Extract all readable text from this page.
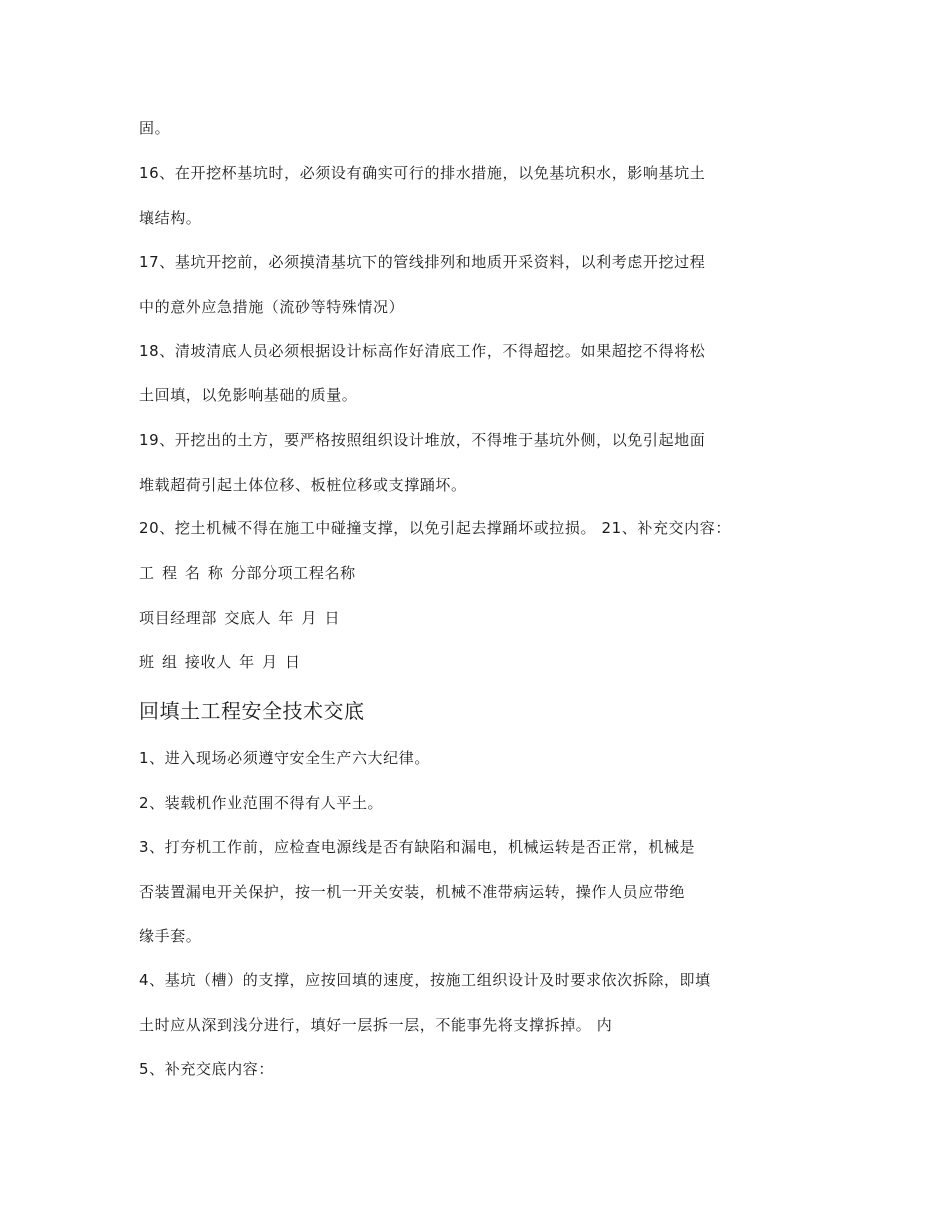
固。
16、在开挖杯基坑时，必须设有确实可行的排水措施，以免基坑积水，影响基坑土
壤结构。
17、基坑开挖前，必须摸清基坑下的管线排列和地质开采资料，以利考虑开挖过程
中的意外应急措施（流砂等特殊情况）
18、清坡清底人员必须根据设计标高作好清底工作，不得超挖。如果超挖不得将松
土回填，以免影响基础的质量。
19、开挖出的土方，要严格按照组织设计堆放，不得堆于基坑外侧，以免引起地面
堆载超荷引起土体位移、板桩位移或支撑踊坏。
20、挖土机械不得在施工中碰撞支撑，以免引起去撑踊坏或拉损。 21、补充交内容：
工 程 名 称 分部分项工程名称
项目经理部 交底人 年 月 日
班 组 接收人 年 月 日
回填土工程安全技术交底
1、进入现场必须遵守安全生产六大纪律。
2、装载机作业范围不得有人平土。
3、打夯机工作前，应检查电源线是否有缺陷和漏电，机械运转是否正常，机械是
否装置漏电开关保护，按一机一开关安装，机械不准带病运转，操作人员应带绝
缘手套。
4、基坑（槽）的支撑，应按回填的速度，按施工组织设计及时要求依次拆除，即填
土时应从深到浅分进行，填好一层拆一层，不能事先将支撑拆掉。 内
5、补充交底内容：
